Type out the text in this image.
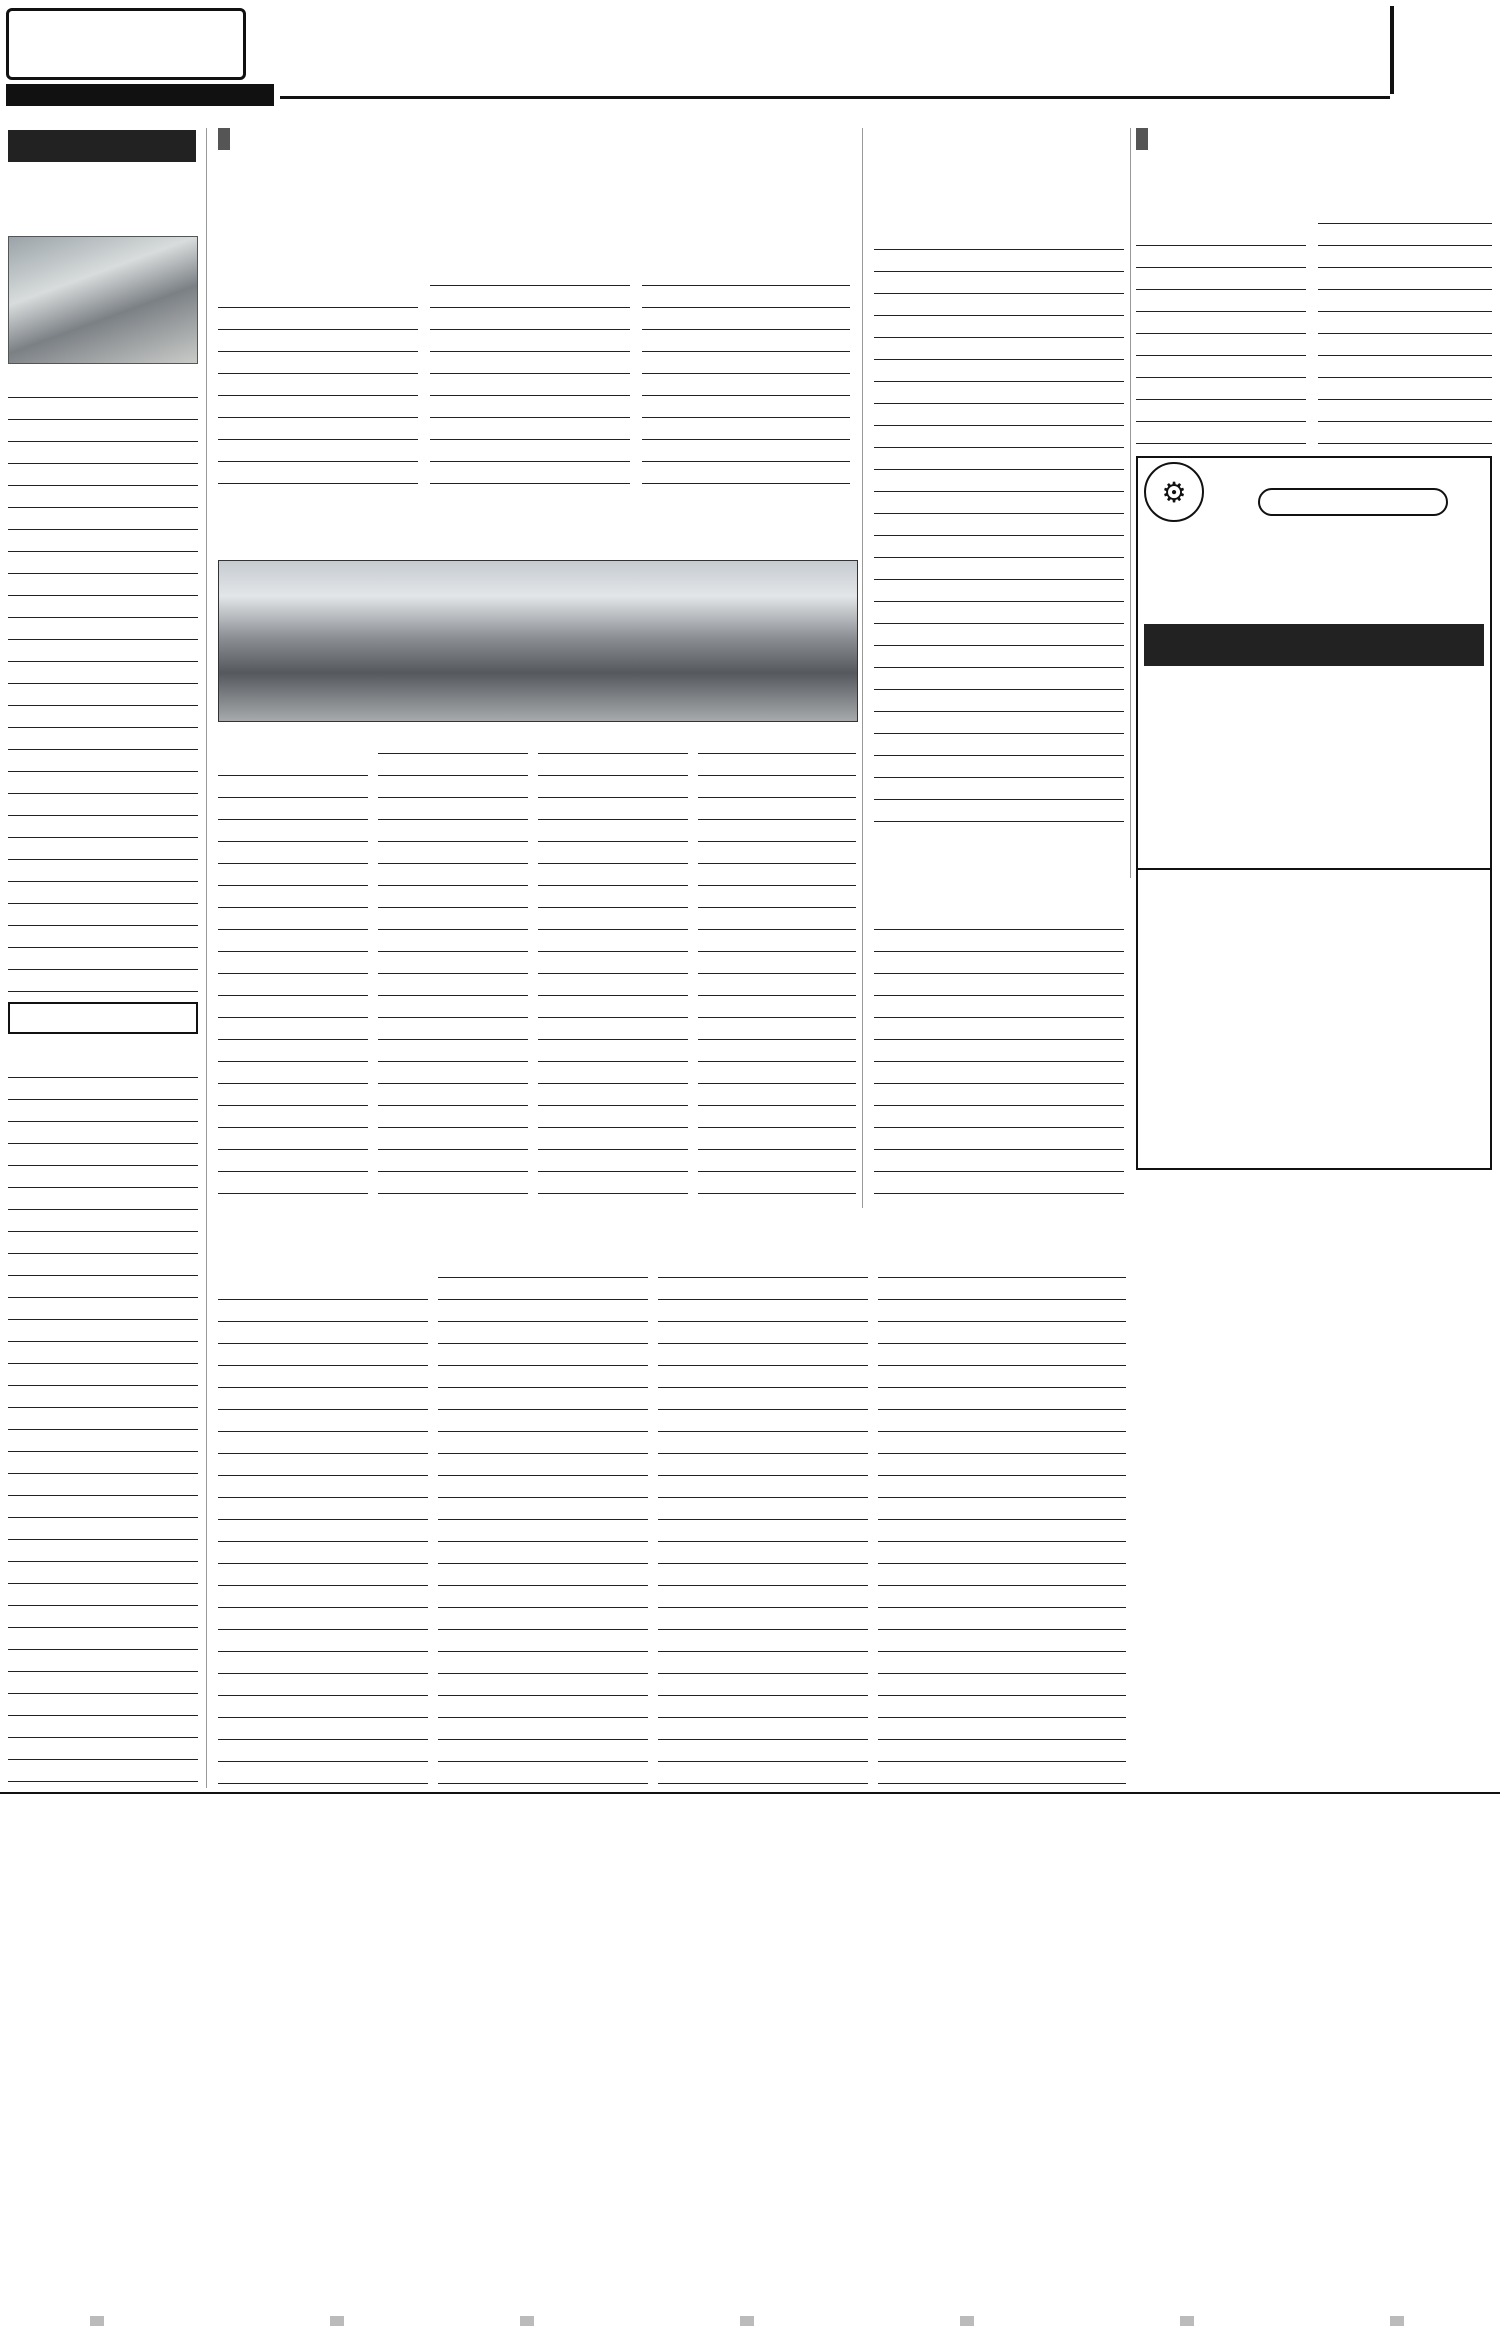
⚙
